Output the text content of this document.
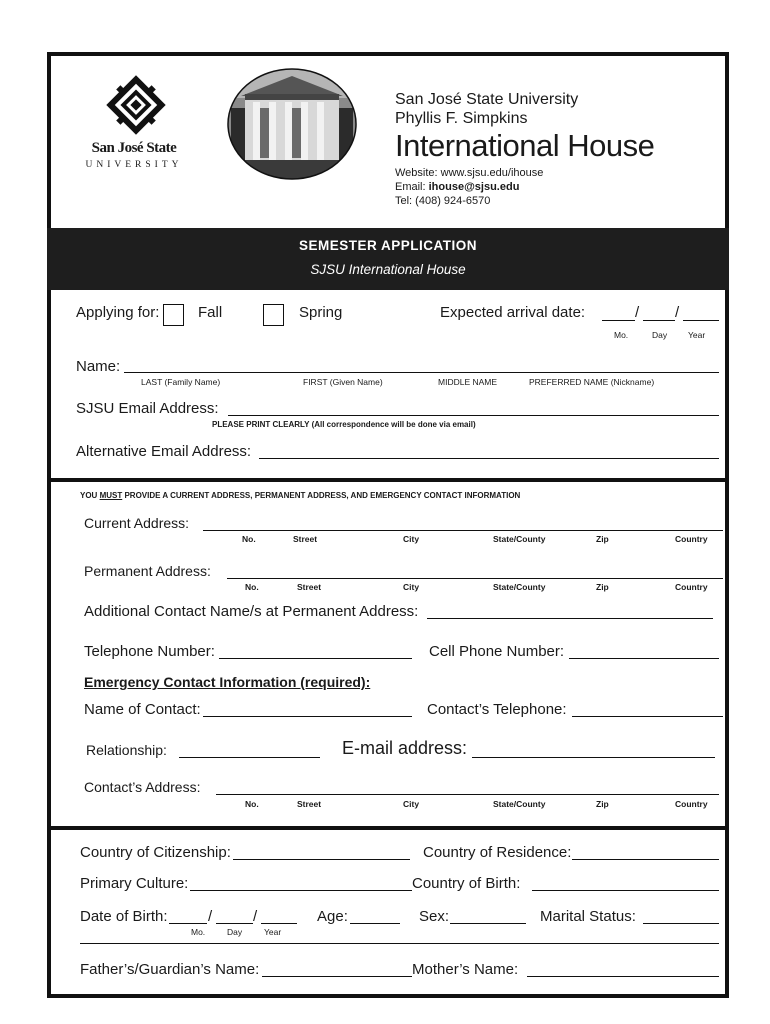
San José State
UNIVERSITY
San José State University
Phyllis F. Simpkins
International House
Website: www.sjsu.edu/ihouse
Email: ihouse@sjsu.edu
Tel: (408) 924-6570
SEMESTER APPLICATION
SJSU International House
Applying for:	Fall	Spring	Expected arrival date:	/ /
Mo.	Day Year
Name:
LAST (Family Name)	FIRST (Given Name)	MIDDLE NAME	PREFERRED NAME (Nickname)
SJSU Email Address:
PLEASE PRINT CLEARLY (All correspondence will be done via email)
Alternative Email Address:
YOU MUST PROVIDE A CURRENT ADDRESS, PERMANENT ADDRESS, AND EMERGENCY CONTACT INFORMATION
Current Address:
No.	Street	City	State/County	Zip	Country
Permanent Address:
No.	Street	City	State/County	Zip	Country
Additional Contact Name/s at Permanent Address:
Telephone Number:	Cell Phone Number:
Emergency Contact Information (required):
Name of Contact:	Contact’s Telephone:
Relationship:	E-mail address:
Contact’s Address:
No.	Street	City	State/County	Zip	Country
Country of Citizenship:	Country of Residence:
Primary Culture:	Country of Birth:
Date of Birth:	/	/
Mo.	Day	Year
Age:	Sex:	Marital Status:
Father’s/Guardian’s Name:	Mother’s Name:
